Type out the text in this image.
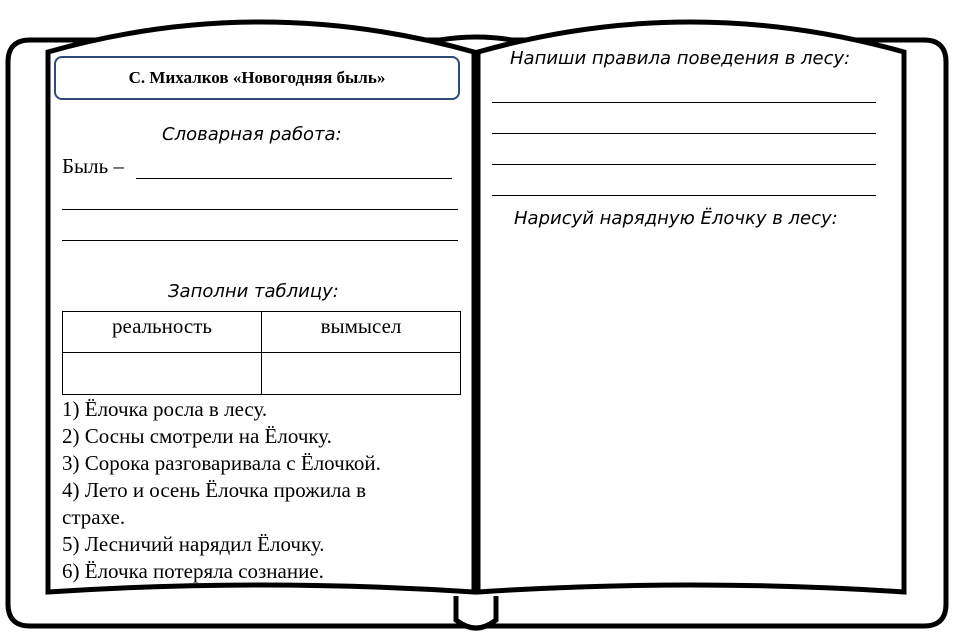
С. Михалков «Новогодняя быль»
Словарная работа:
Быль –
Заполни таблицу:
реальность	вымысел

1) Ёлочка росла в лесу.
2) Сосны смотрели на Ёлочку.
3) Сорока разговаривала с Ёлочкой.
4) Лето и осень Ёлочка прожила в
страхе.
5) Лесничий нарядил Ёлочку.
6) Ёлочка потеряла сознание.
Напиши правила поведения в лесу:
Нарисуй нарядную Ёлочку в лесу:
